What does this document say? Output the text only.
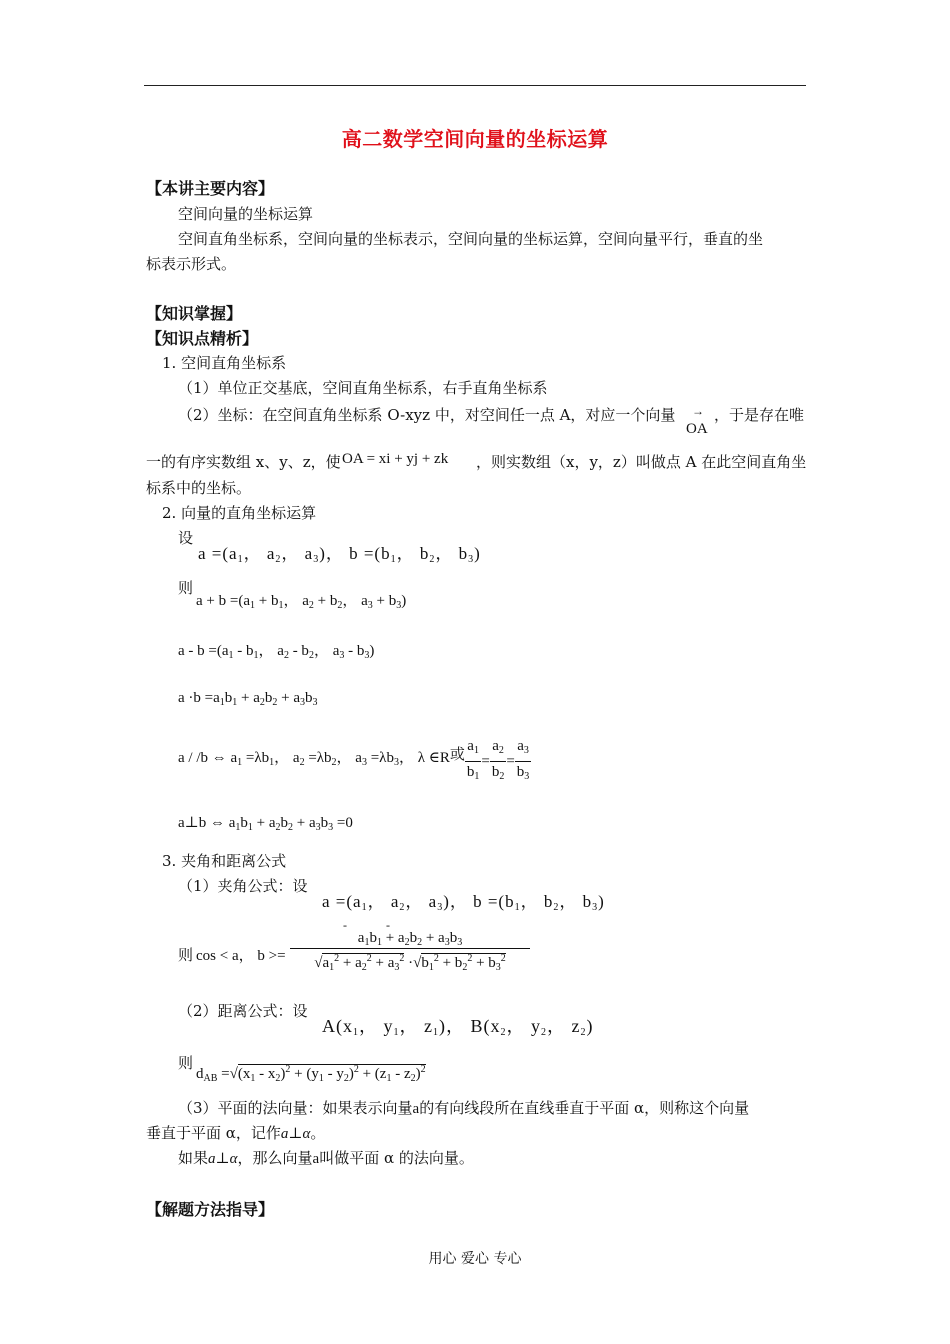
高二数学空间向量的坐标运算
【本讲主要内容】
空间向量的坐标运算
空间直角坐标系，空间向量的坐标表示，空间向量的坐标运算，空间向量平行，垂直的坐
标表示形式。
【知识掌握】
【知识点精析】
1. 空间直角坐标系
（1）单位正交基底，空间直角坐标系，右手直角坐标系
（2）坐标：在空间直角坐标系 O-xyz 中，对空间任一点 A，对应一个向量 →
OA
，于是存在唯
一的有序实数组 x、y、z，使 OA = xi + yj + zk ，则实数组（x，y，z）叫做点 A 在此空间直角坐
标系中的坐标。
2. 向量的直角坐标运算
设
$a =(a_1$， $a_2$， $a_3$)， $b =(b_1$， $b_2$， $b_3$)
则
$a + b =(a_1 + b_1$， $a_2 + b_2$， $a_3 + b_3$)
$a - b =(a_1 - b_1$， $a_2 - b_2$， $a_3 - b_3$)
$a \cdot b =a_1b_1 + a_2b_2 + a_3b_3$
a / /b ⇔ $a_1 =\lambda b_1$， $a_2 =\lambda b_2$， $a_3 =\lambda b_3$， λ ∈R或 $\frac{a_1}{b_1} = \frac{a_2}{b_2} = \frac{a_3}{b_3}$
a⊥b ⇔ $a_1b_1 + a_2b_2 + a_3b_3 =0$
3. 夹角和距离公式
（1）夹角公式：设
$a =(a_1$， $a_2$， $a_3$)， $b =(b_1$， $b_2$， $b_3$)
则
- -
cos < a， b >=
$a_1b_1 + a_2b_2 + a_3b_3$
$√a_1^2 + a_2^2 + a_3^2 \cdot√b_1^2 + b_2^2 + b_3^2$
（2）距离公式：设
$A(x_1$， $y_1$， $z_1$)， $B(x_2$， $y_2$， $z_2$)
则
$d_{AB} =√(x_1 - x_2)^2 + (y_1 - y_2)^2 + (z_1 - z_2)^2$
（3）平面的法向量：如果表示向量a的有向线段所在直线垂直于平面 α，则称这个向量
垂直于平面 α，记作a⊥α。
如果a⊥α，那么向量a叫做平面 α 的法向量。
【解题方法指导】
用心 爱心 专心
